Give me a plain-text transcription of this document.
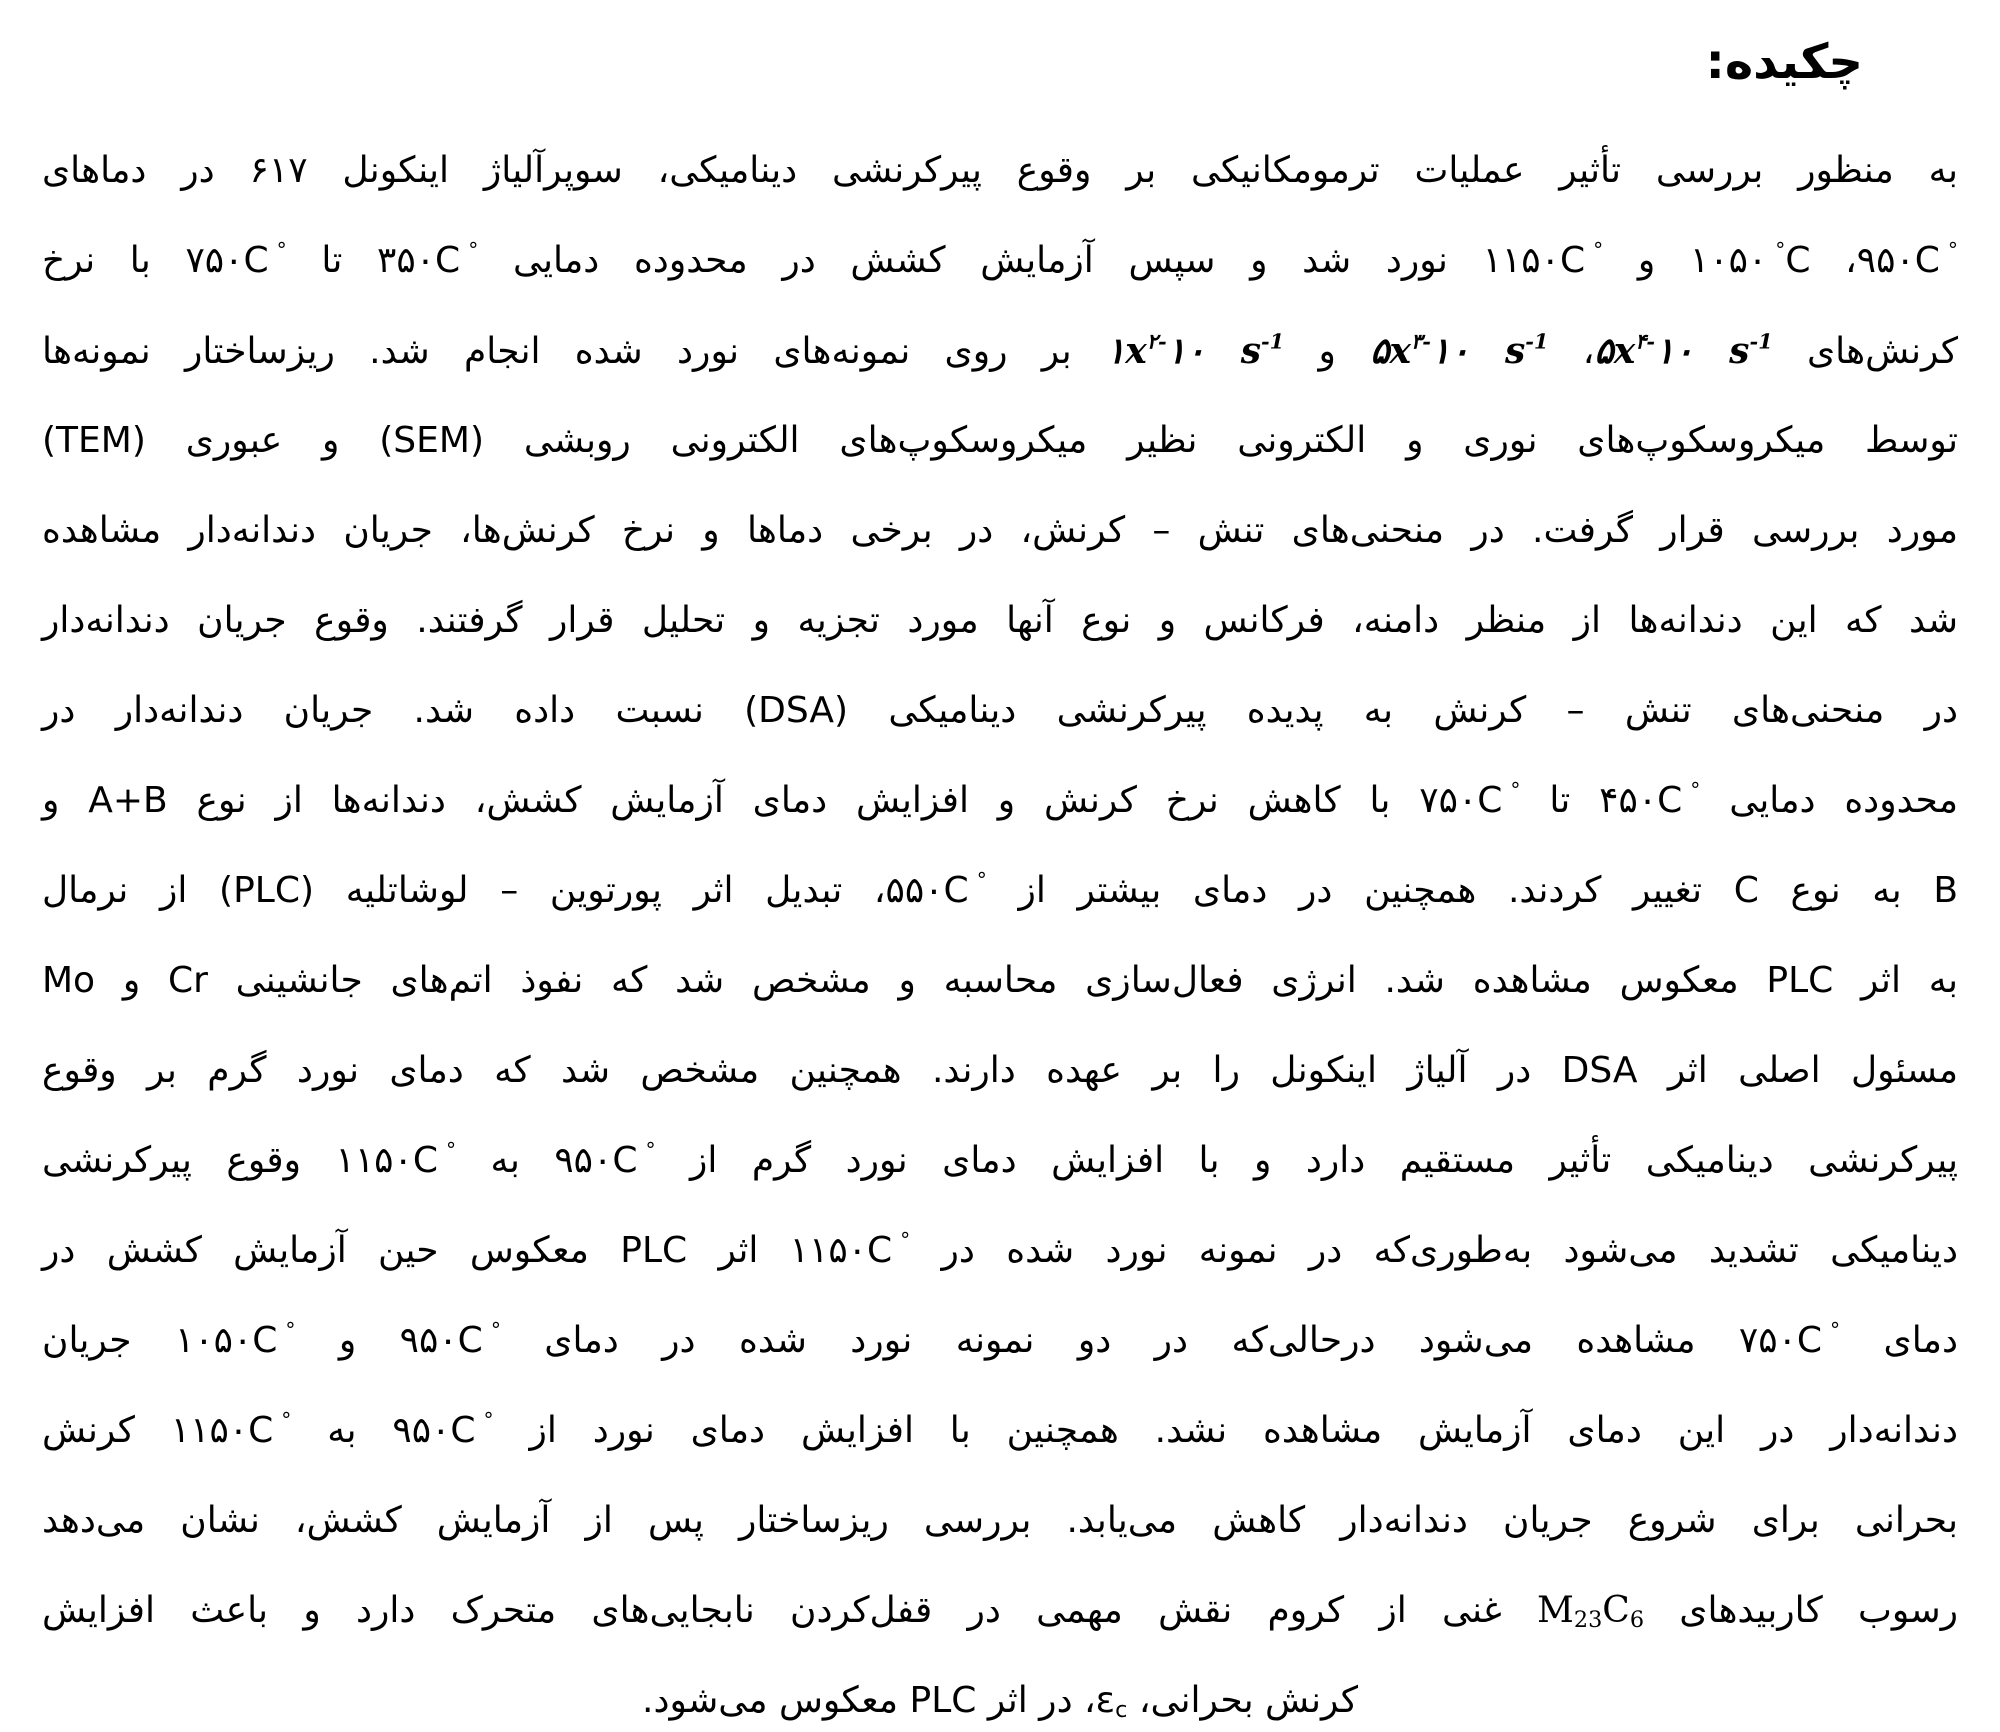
چکیده:
به منظور بررسی تأثیر عملیات ترمومکانیکی بر وقوع پیرکرنشی دینامیکی، سوپرآلیاژ اینکونل ۶۱۷ در دماهای
۹۵۰C °، ۱۰۵۰ °C و ۱۱۵۰C ° نورد شد و سپس آزمایش کشش در محدوده دمایی ۳۵۰C ° تا ۷۵۰C ° با نرخ
کرنش‌های $۵x^{۴-}۱۰$ $s^{-1}،$ $۵x^{۳-}۱۰$ $s^{-1}$ و $۱x^{۲-}۱۰$ $s^{-1}$ بر روی نمونه‌های نورد شده انجام شد. ریزساختار نمونه‌ها
توسط میکروسکوپ‌های نوری و الکترونی نظیر میکروسکوپ‌های الکترونی روبشی (SEM) و عبوری (TEM)
مورد بررسی قرار گرفت. در منحنی‌های تنش – کرنش، در برخی دماها و نرخ کرنش‌ها، جریان دندانه‌دار مشاهده
شد که این دندانه‌ها از منظر دامنه، فرکانس و نوع آنها مورد تجزیه و تحلیل قرار گرفتند. وقوع جریان دندانه‌دار
در منحنی‌های تنش – کرنش به پدیده پیرکرنشی دینامیکی (DSA) نسبت داده شد. جریان دندانه‌دار در
محدوده دمایی ۴۵۰C ° تا ۷۵۰C ° با کاهش نرخ کرنش و افزایش دمای آزمایش کشش، دندانه‌ها از نوع A+B و
B به نوع C تغییر کردند. همچنین در دمای بیشتر از ۵۵۰C °، تبدیل اثر پورتوین – لوشاتلیه (PLC) از نرمال
به اثر PLC معکوس مشاهده شد. انرژی فعال‌سازی محاسبه و مشخص شد که نفوذ اتم‌های جانشینی Cr و Mo
مسئول اصلی اثر DSA در آلیاژ اینکونل را بر عهده دارند. همچنین مشخص شد که دمای نورد گرم بر وقوع
پیرکرنشی دینامیکی تأثیر مستقیم دارد و با افزایش دمای نورد گرم از ۹۵۰C ° به ۱۱۵۰C ° وقوع پیرکرنشی
دینامیکی تشدید می‌شود به‌طوری‌که در نمونه نورد شده در ۱۱۵۰C ° اثر PLC معکوس حین آزمایش کشش در
دمای ۷۵۰C ° مشاهده می‌شود درحالی‌که در دو نمونه نورد شده در دمای ۹۵۰C ° و ۱۰۵۰C ° جریان
دندانه‌دار در این دمای آزمایش مشاهده نشد. همچنین با افزایش دمای نورد از ۹۵۰C ° به ۱۱۵۰C ° کرنش
بحرانی برای شروع جریان دندانه‌دار کاهش می‌یابد. بررسی ریزساختار پس از آزمایش کشش، نشان می‌دهد
رسوب کاربیدهای M23C6 غنی از کروم نقش مهمی در قفل‌کردن نابجایی‌های متحرک دارد و باعث افزایش
کرنش بحرانی، εc، در اثر PLC معکوس می‌شود.
